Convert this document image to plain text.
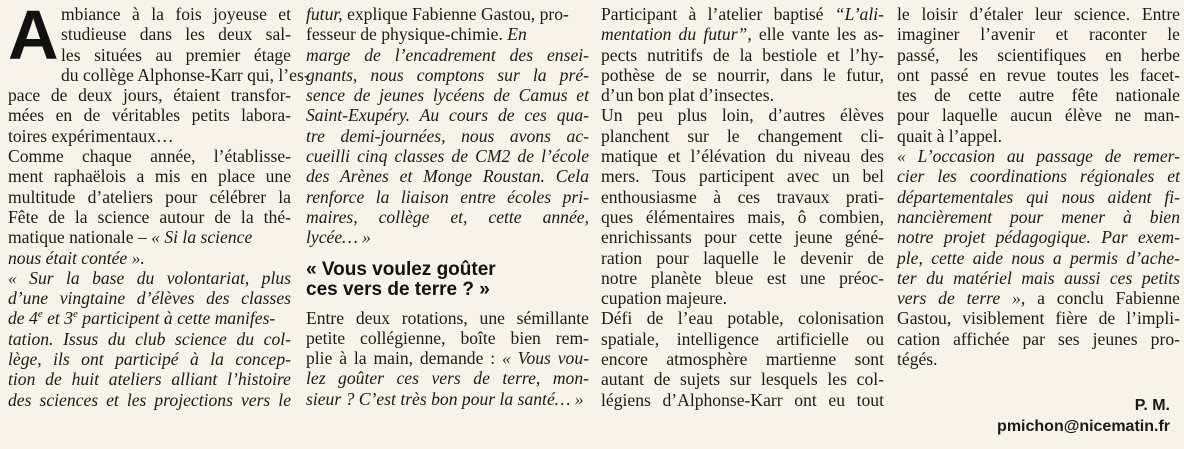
A mbiance à la fois joyeuse et
studieuse dans les deux sal-
les situées au premier étage
du collège Alphonse-Karr qui, l’es-
pace de deux jours, étaient transfor-
mées en de véritables petits labora-
toires expérimentaux…

Comme chaque année, l’établisse-
ment raphaëlois a mis en place une
multitude d’ateliers pour célébrer la
Fête de la science autour de la thé-
matique nationale – « Si la science
nous était contée ».

« Sur la base du volontariat, plus
d’une vingtaine d’élèves des classes
de 4e et 3e participent à cette manifes-
tation. Issus du club science du col-
lège, ils ont participé à la concep-
tion de huit ateliers alliant l’histoire
des sciences et les projections vers le

futur, explique Fabienne Gastou, pro-
fesseur de physique-chimie. En

marge de l’encadrement des ensei-
gnants, nous comptons sur la pré-
sence de jeunes lycéens de Camus et
Saint-Exupéry. Au cours de ces qua-
tre demi-journées, nous avons ac-
cueilli cinq classes de CM2 de l’école
des Arènes et Monge Roustan. Cela
renforce la liaison entre écoles pri-
maires, collège et, cette année,
lycée… »

« Vous voulez goûter
ces vers de terre ? »

Entre deux rotations, une sémillante
petite collégienne, boîte bien rem-
plie à la main, demande : « Vous vou-
lez goûter ces vers de terre, mon-
sieur ? C’est très bon pour la santé… »

Participant à l’atelier baptisé “L’ali-
mentation du futur”, elle vante les as-
pects nutritifs de la bestiole et l’hy-
pothèse de se nourrir, dans le futur,
d’un bon plat d’insectes.

Un peu plus loin, d’autres élèves
planchent sur le changement cli-
matique et l’élévation du niveau des
mers. Tous participent avec un bel
enthousiasme à ces travaux prati-
ques élémentaires mais, ô combien,
enrichissants pour cette jeune géné-
ration pour laquelle le devenir de
notre planète bleue est une préoc-
cupation majeure.

Défi de l’eau potable, colonisation
spatiale, intelligence artificielle ou
encore atmosphère martienne sont
autant de sujets sur lesquels les col-
légiens d’Alphonse-Karr ont eu tout

le loisir d’étaler leur science. Entre
imaginer l’avenir et raconter le
passé, les scientifiques en herbe
ont passé en revue toutes les facet-
tes de cette autre fête nationale
pour laquelle aucun élève ne man-
quait à l’appel.

« L’occasion au passage de remer-
cier les coordinations régionales et
départementales qui nous aident fi-
nancièrement pour mener à bien
notre projet pédagogique. Par exem-
ple, cette aide nous a permis d’ache-
ter du matériel mais aussi ces petits
vers de terre », a conclu Fabienne
Gastou, visiblement fière de l’impli-
cation affichée par ses jeunes pro-
tégés.

P. M.
pmichon@nicematin.fr
